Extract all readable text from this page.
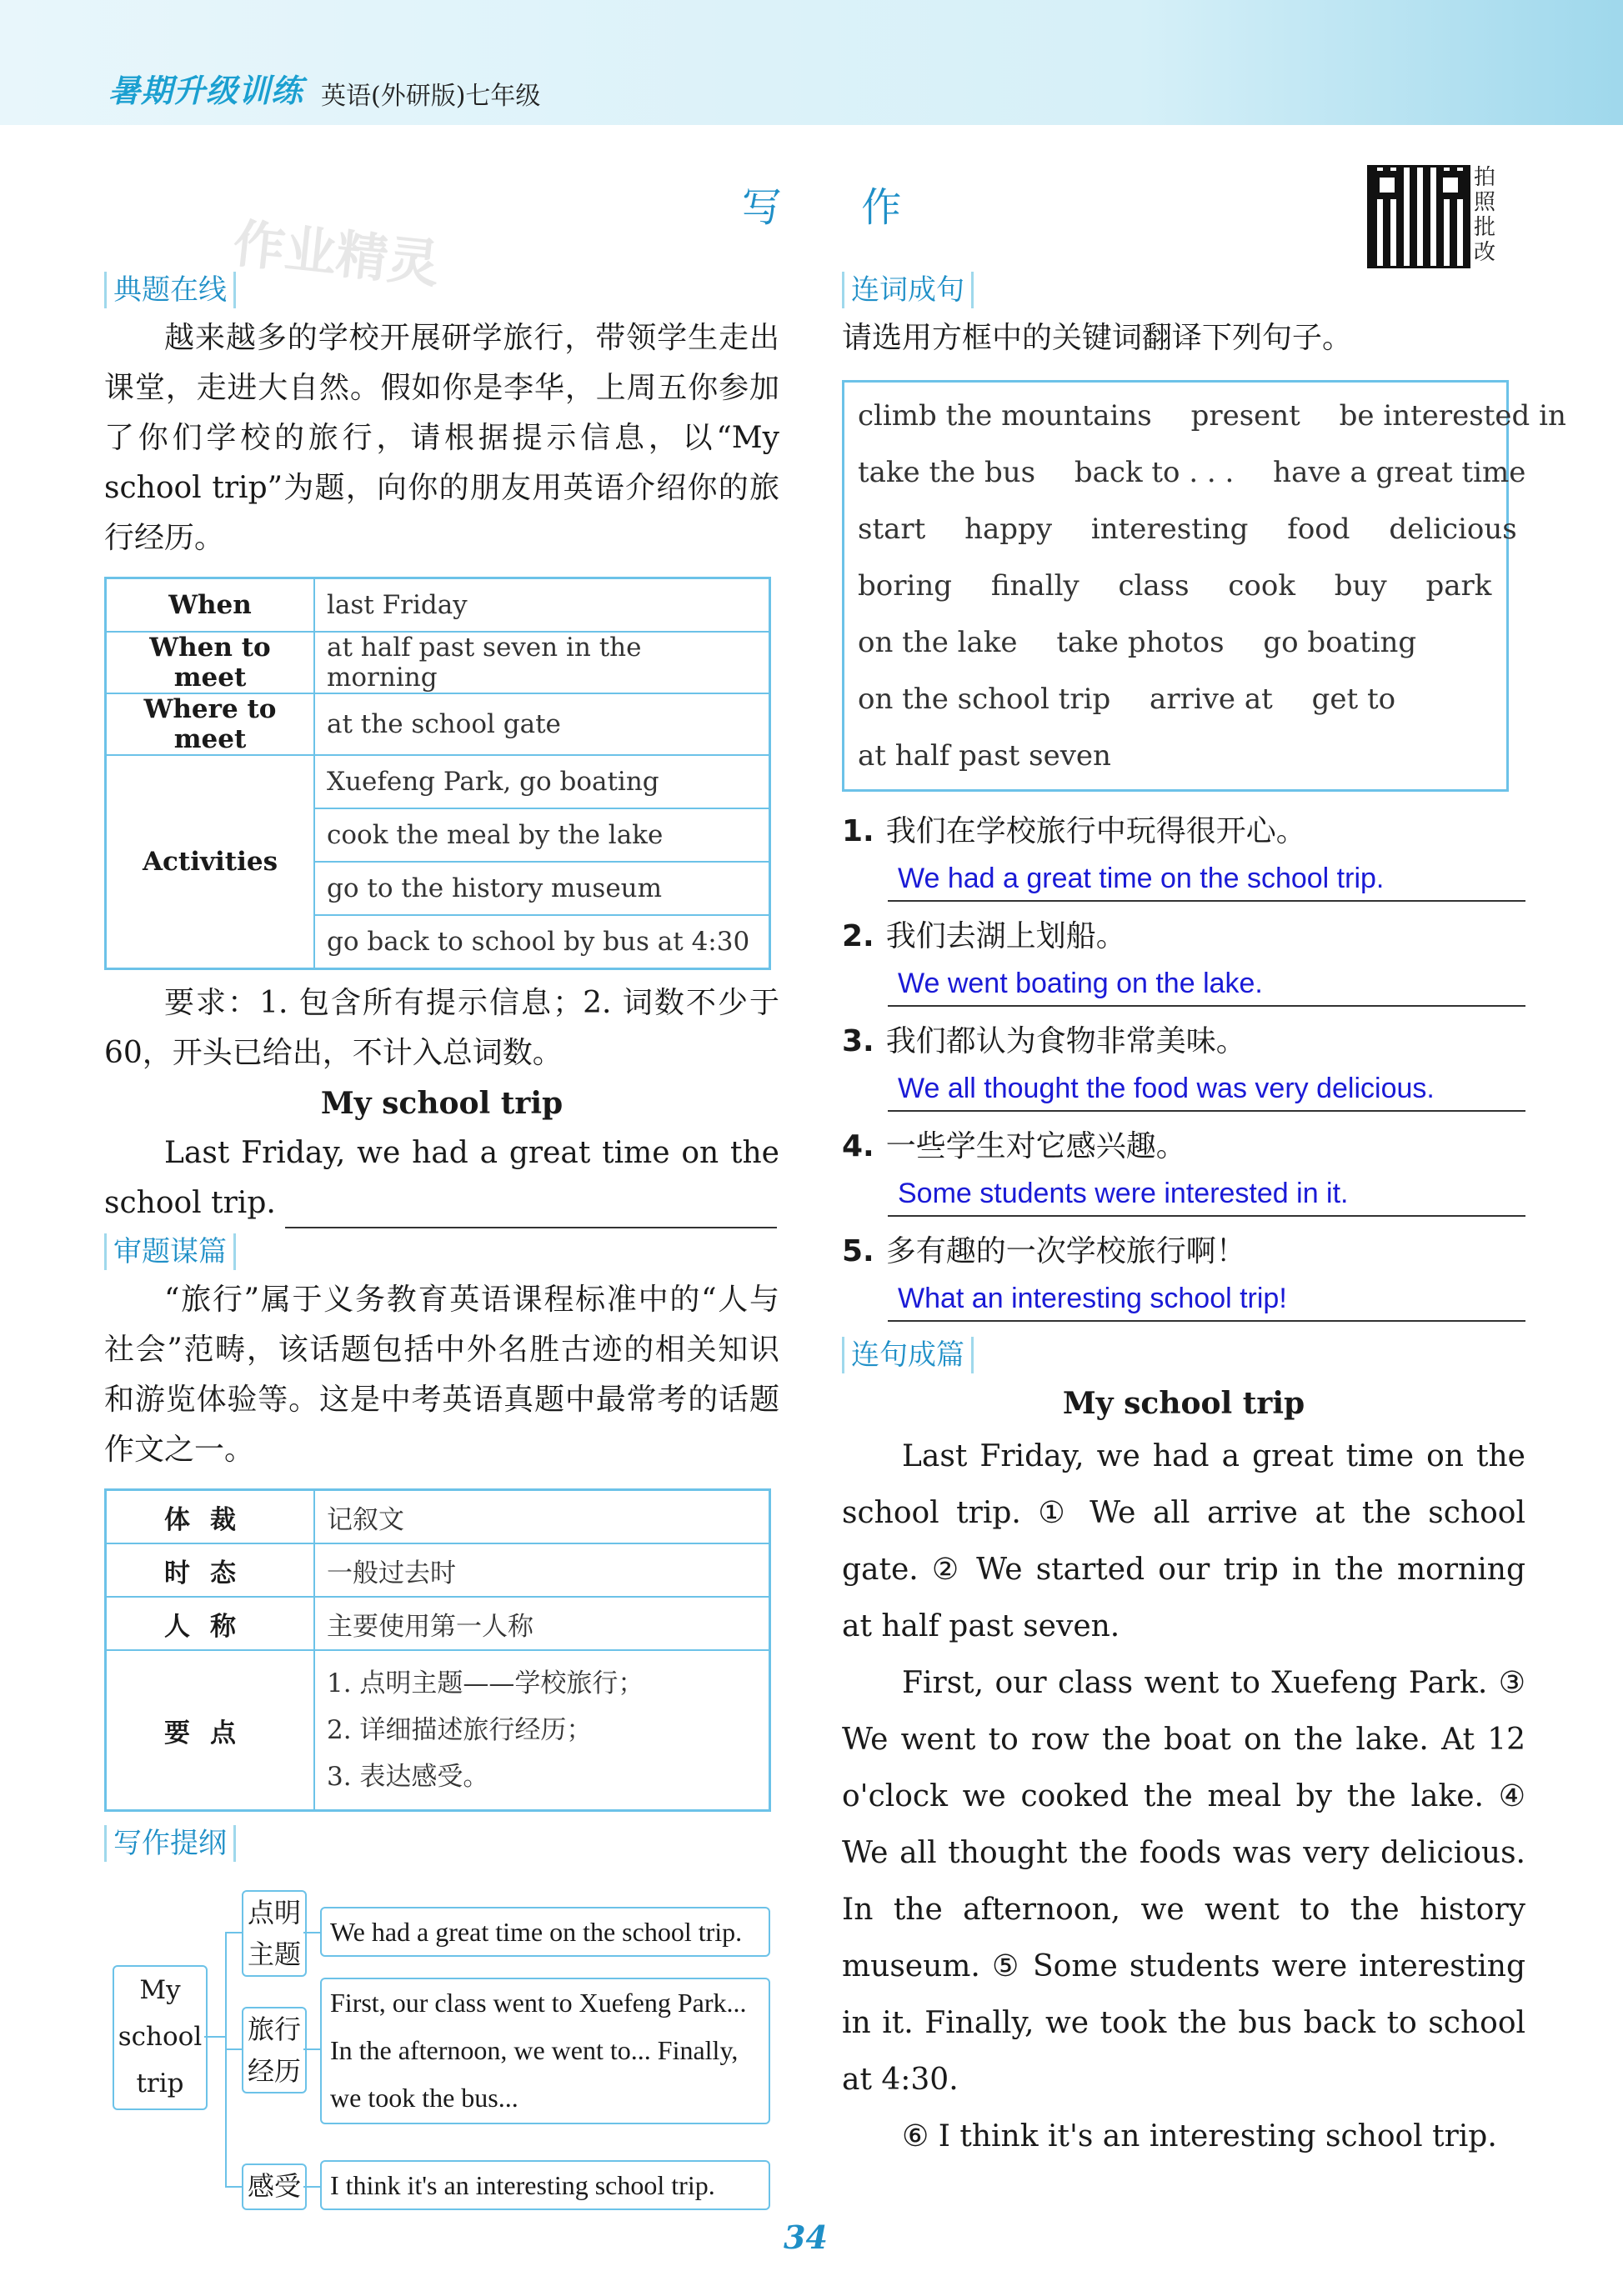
暑期升级训练 英语(外研版)七年级
写 作
拍照批改
作业精灵
典题在线

越来越多的学校开展研学旅行，带领学生走出课堂，走进大自然。假如你是李华，上周五你参加了你们学校的旅行，请根据提示信息，以“My school trip”为题，向你的朋友用英语介绍你的旅行经历。

When	last Friday
When to meet	at half past seven in the morning
Where to meet	at the school gate
Activities	Xuefeng Park, go boating
	cook the meal by the lake
	go to the history museum
	go back to school by bus at 4:30

要求：1. 包含所有提示信息；2. 词数不少于60，开头已给出，不计入总词数。

My school trip

Last Friday, we had a great time on the school trip.

审题谋篇

“旅行”属于义务教育英语课程标准中的“人与社会”范畴，该话题包括中外名胜古迹的相关知识和游览体验等。这是中考英语真题中最常考的话题作文之一。

体裁	记叙文
时态	一般过去时
人称	主要使用第一人称
要点	1. 点明主题——学校旅行；
2. 详细描述旅行经历；
3. 表达感受。
写作提纲
My
school
trip
点明主题
We had a great time on the school trip.
旅行经历
First, our class went to Xuefeng Park...
In the afternoon, we went to... Finally,
we took the bus...
感受	I think it's an interesting school trip.
连词成句

请选用方框中的关键词翻译下列句子。

climb the mountains present be interested in
take the bus back to . . . have a great time
start happy interesting food delicious
boring finally class cook buy park
on the lake take photos go boating
on the school trip arrive at get to
at half past seven
1. 我们在学校旅行中玩得很开心。
We had a great time on the school trip.
2. 我们去湖上划船。
We went boating on the lake.
3. 我们都认为食物非常美味。
We all thought the food was very delicious.
4. 一些学生对它感兴趣。
Some students were interested in it.
5. 多有趣的一次学校旅行啊！
What an interesting school trip!
连句成篇

My school trip

Last Friday, we had a great time on the school trip. ① We all arrive at the school gate. ② We started our trip in the morning at half past seven.

First, our class went to Xuefeng Park. ③ We went to row the boat on the lake. At 12 o'clock we cooked the meal by the lake. ④ We all thought the foods was very delicious. In the afternoon, we went to the history museum. ⑤ Some students were interesting in it. Finally, we took the bus back to school at 4:30.

⑥ I think it's an interesting school trip.

34
